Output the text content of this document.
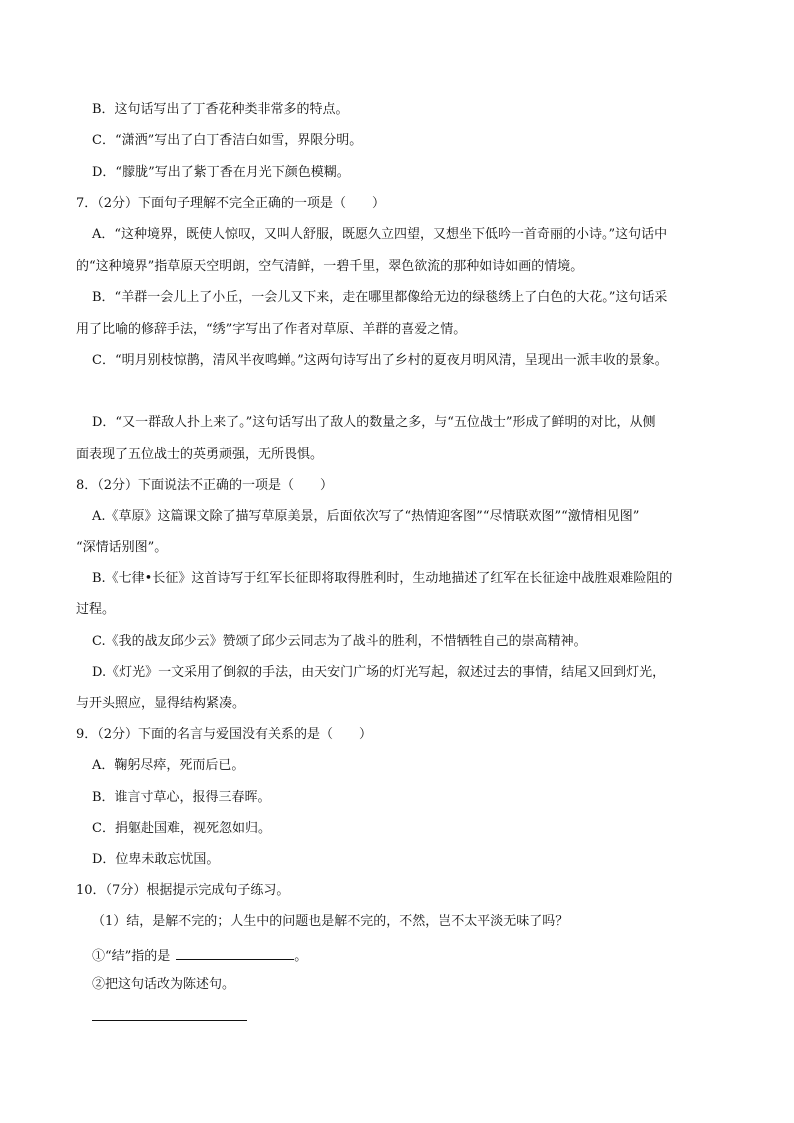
B．这句话写出了丁香花种类非常多的特点。
C．“潇洒”写出了白丁香洁白如雪，界限分明。
D．“朦胧”写出了紫丁香在月光下颜色模糊。
7．（2分）下面句子理解不完全正确的一项是（　　）
A．“这种境界，既使人惊叹，又叫人舒服，既愿久立四望，又想坐下低吟一首奇丽的小诗。”这句话中
的“这种境界”指草原天空明朗，空气清鲜，一碧千里，翠色欲流的那种如诗如画的情境。
B．“羊群一会儿上了小丘，一会儿又下来，走在哪里都像给无边的绿毯绣上了白色的大花。”这句话采
用了比喻的修辞手法，“绣”字写出了作者对草原、羊群的喜爱之情。
C．“明月别枝惊鹊，清风半夜鸣蝉。”这两句诗写出了乡村的夏夜月明风清，呈现出一派丰收的景象。
D．“又一群敌人扑上来了。”这句话写出了敌人的数量之多，与“五位战士”形成了鲜明的对比，从侧
面表现了五位战士的英勇顽强，无所畏惧。
8．（2分）下面说法不正确的一项是（　　）
A.《草原》这篇课文除了描写草原美景，后面依次写了“热情迎客图”“尽情联欢图”“激情相见图”
“深情话别图”。
B.《七律•长征》这首诗写于红军长征即将取得胜利时，生动地描述了红军在长征途中战胜艰难险阻的
过程。
C.《我的战友邱少云》赞颂了邱少云同志为了战斗的胜利，不惜牺牲自己的崇高精神。
D.《灯光》一文采用了倒叙的手法，由天安门广场的灯光写起，叙述过去的事情，结尾又回到灯光，
与开头照应，显得结构紧凑。
9．（2分）下面的名言与爱国没有关系的是（　　）
A．鞠躬尽瘁，死而后已。
B．谁言寸草心，报得三春晖。
C．捐躯赴国难，视死忽如归。
D．位卑未敢忘忧国。
10．（7分）根据提示完成句子练习。
（1）结，是解不完的；人生中的问题也是解不完的，不然，岂不太平淡无味了吗？
①“结”指的是	。
②把这句话改为陈述句。
